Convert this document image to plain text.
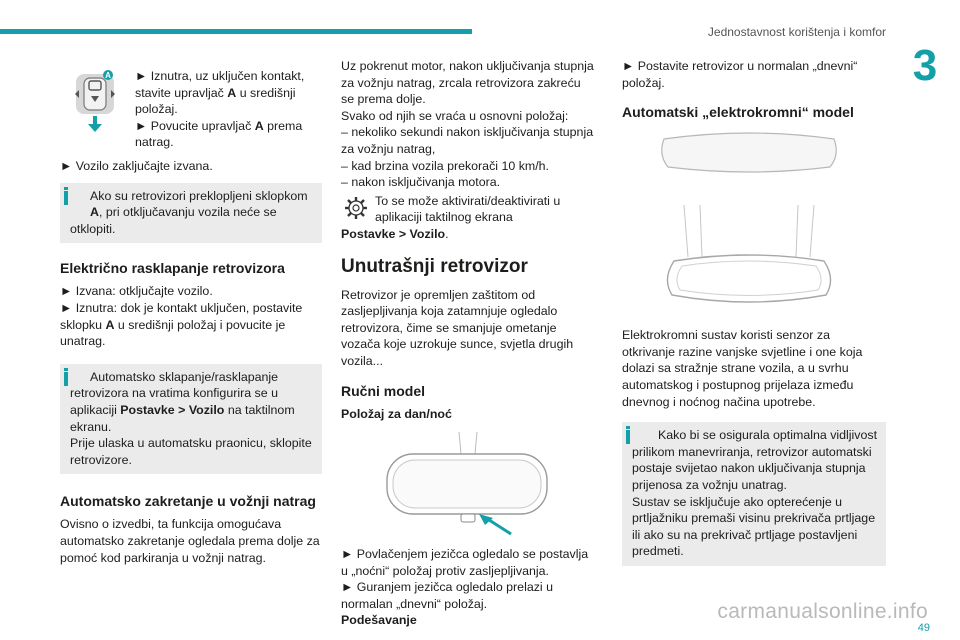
Jednostavnost korištenja i komfor
3
carmanualsonline.info
49
A ► Iznutra, uz uključen kontakt, stavite upravljač A u središnji položaj.

► Povucite upravljač A prema natrag.

► Vozilo zaključajte izvana.

Ako su retrovizori preklopljeni sklopkom
A, pri otključavanju vozila neće se otklopiti.

Električno rasklapanje retrovizora

► Izvana: otključajte vozilo.

► Iznutra: dok je kontakt uključen, postavite sklopku A u središnji položaj i povucite je unatrag.

Automatsko sklapanje/rasklapanje retrovizora na vratima konfigurira se u aplikaciji Postavke > Vozilo na taktilnom ekranu.

Prije ulaska u automatsku praonicu, sklopite retrovizore.

Automatsko zakretanje u vožnji natrag

Ovisno o izvedbi, ta funkcija omogućava automatsko zakretanje ogledala prema dolje za pomoć kod parkiranja u vožnji natrag.

Uz pokrenut motor, nakon uključivanja stupnja za vožnju natrag, zrcala retrovizora zakreću se prema dolje.

Svako od njih se vraća u osnovni položaj:

– nekoliko sekundi nakon isključivanja stupnja za vožnju natrag,

– kad brzina vozila prekorači 10 km/h.

– nakon isključivanja motora.

To se može aktivirati/deaktivirati u aplikaciji taktilnog ekrana

Postavke > Vozilo.

Unutrašnji retrovizor

Retrovizor je opremljen zaštitom od zasljepljivanja koja zatamnjuje ogledalo retrovizora, čime se smanjuje ometanje vozača koje uzrokuje sunce, svjetla drugih vozila...

Ručni model

Položaj za dan/noć

► Povlačenjem jezičca ogledalo se postavlja u „noćni“ položaj protiv zasljepljivanja.

► Guranjem jezičca ogledalo prelazi u normalan „dnevni“ položaj.

Podešavanje

► Postavite retrovizor u normalan „dnevni“ položaj.

Automatski „elektrokromni“ model

Elektrokromni sustav koristi senzor za otkrivanje razine vanjske svjetline i one koja dolazi sa stražnje strane vozila, a u svrhu automatskog i postupnog prijelaza između dnevnog i noćnog načina upotrebe.

Kako bi se osigurala optimalna vidljivost prilikom manevriranja, retrovizor automatski postaje svijetao nakon uključivanja stupnja prijenosa za vožnju unatrag.

Sustav se isključuje ako opterećenje u prtljažniku premaši visinu prekrivača prtljage ili ako su na prekrivač prtljage postavljeni predmeti.
